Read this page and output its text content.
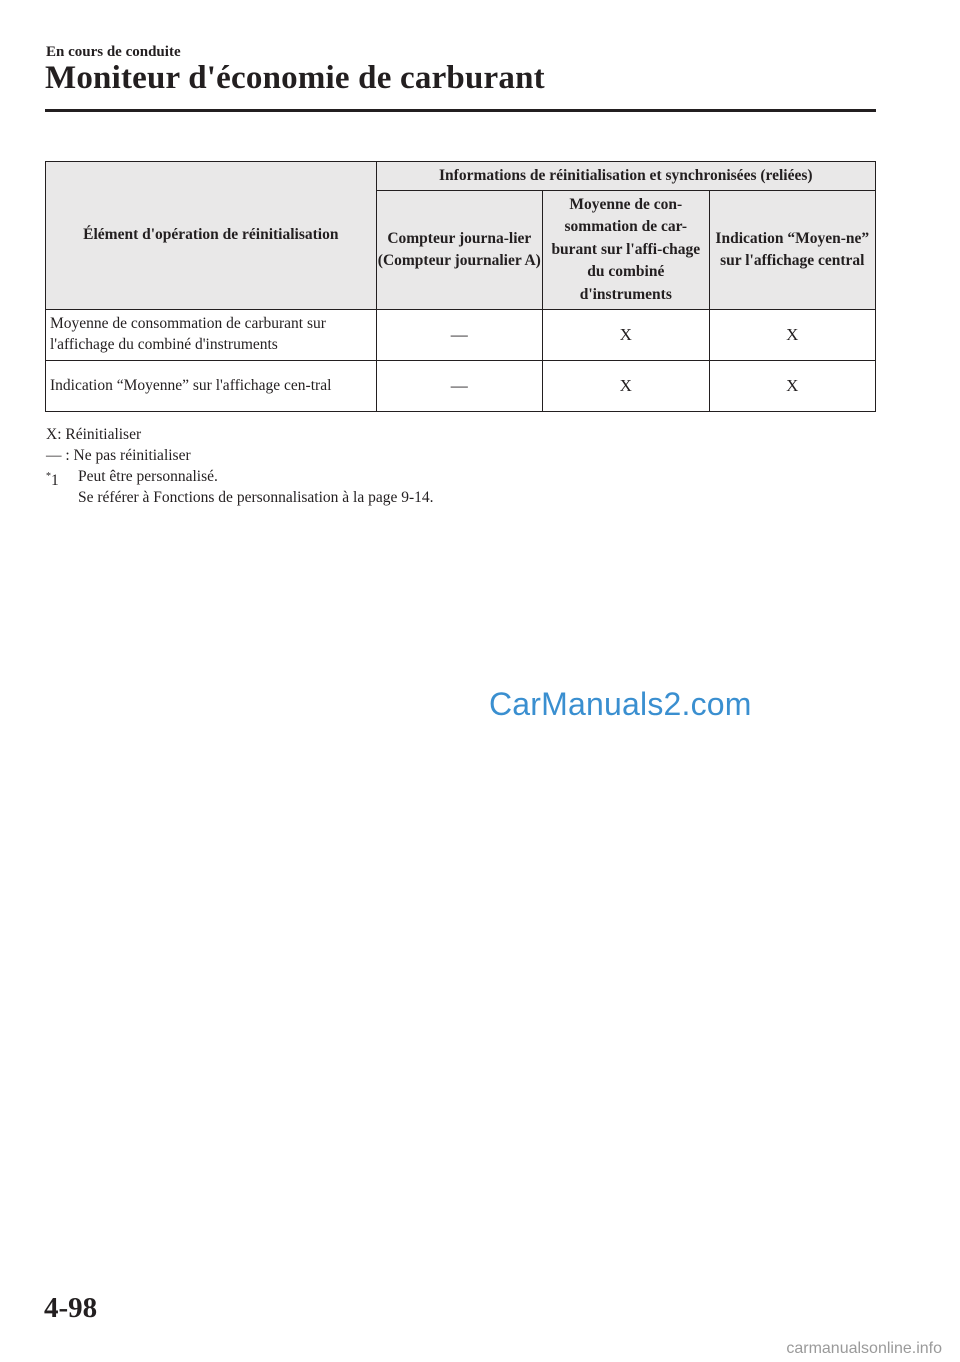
En cours de conduite

Moniteur d'économie de carburant
Élément d'opération de réinitialisation	Informations de réinitialisation et synchronisées (reliées)		
	Compteur journa-lier (Compteur journalier A)	Moyenne de con-sommation de car-burant sur l'affi-chage du combiné d'instruments	Indication “Moyen-ne” sur l'affichage central
Moyenne de consommation de carburant sur l'affichage du combiné d'instruments	—	X	X
Indication “Moyenne” sur l'affichage cen-tral	—	X	X

X: Réinitialiser

— : Ne pas réinitialiser

*1	Peut être personnalisé.
Se référer à Fonctions de personnalisation à la page 9-14.

CarManuals2.com

4-98

carmanualsonline.info
